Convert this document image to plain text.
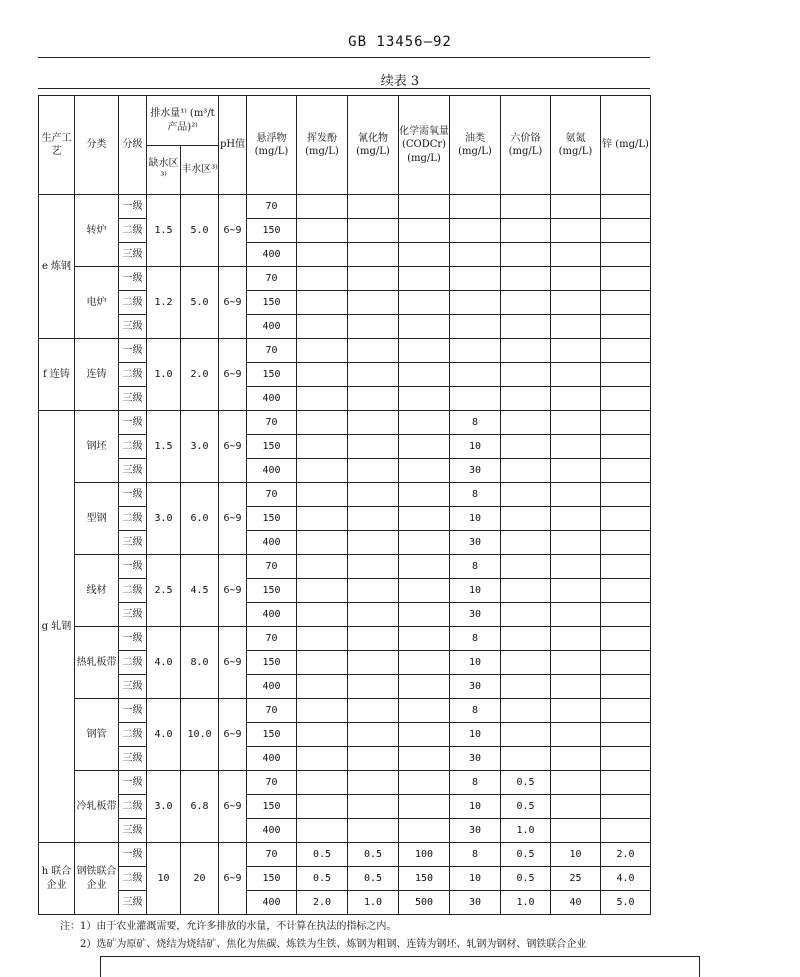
GB 13456—92
续表 3
生产工艺	分类	分级	排水量¹⁾ (m³/t 产品)²⁾		pH值	悬浮物 (mg/L)	挥发酚 (mg/L)	氰化物 (mg/L)	化学需氧量 (CODCr) (mg/L)	油类 (mg/L)	六价铬 (mg/L)	氨氮 (mg/L)	锌 (mg/L)
			缺水区³⁾	丰水区³⁾									
e 炼钢	转炉	一级	1.5	5.0	6~9	70							
		二级				150							
		三级				400							
	电炉	一级	1.2	5.0	6~9	70							
		二级				150							
		三级				400							
f 连铸	连铸	一级	1.0	2.0	6~9	70							
		二级				150							
		三级				400							
g 轧钢	钢坯	一级	1.5	3.0	6~9	70				8			
		二级				150				10			
		三级				400				30			
	型钢	一级	3.0	6.0	6~9	70				8			
		二级				150				10			
		三级				400				30			
	线材	一级	2.5	4.5	6~9	70				8			
		二级				150				10			
		三级				400				30			
	热轧板带	一级	4.0	8.0	6~9	70				8			
		二级				150				10			
		三级				400				30			
	钢管	一级	4.0	10.0	6~9	70				8			
		二级				150				10			
		三级				400				30			
	冷轧板带	一级	3.0	6.8	6~9	70				8	0.5		
		二级				150				10	0.5		
		三级				400				30	1.0		
h 联合企业	钢铁联合企业	一级	10	20	6~9	70	0.5	0.5	100	8	0.5	10	2.0
		二级				150	0.5	0.5	150	10	0.5	25	4.0
		三级				400	2.0	1.0	500	30	1.0	40	5.0
注：1）由于农业灌溉需要，允许多排放的水量，不计算在执法的指标之内。
2）选矿为原矿、烧结为烧结矿、焦化为焦碳、炼铁为生铁、炼钢为粗钢、连铸为钢坯、轧钢为钢材、钢铁联合企业
